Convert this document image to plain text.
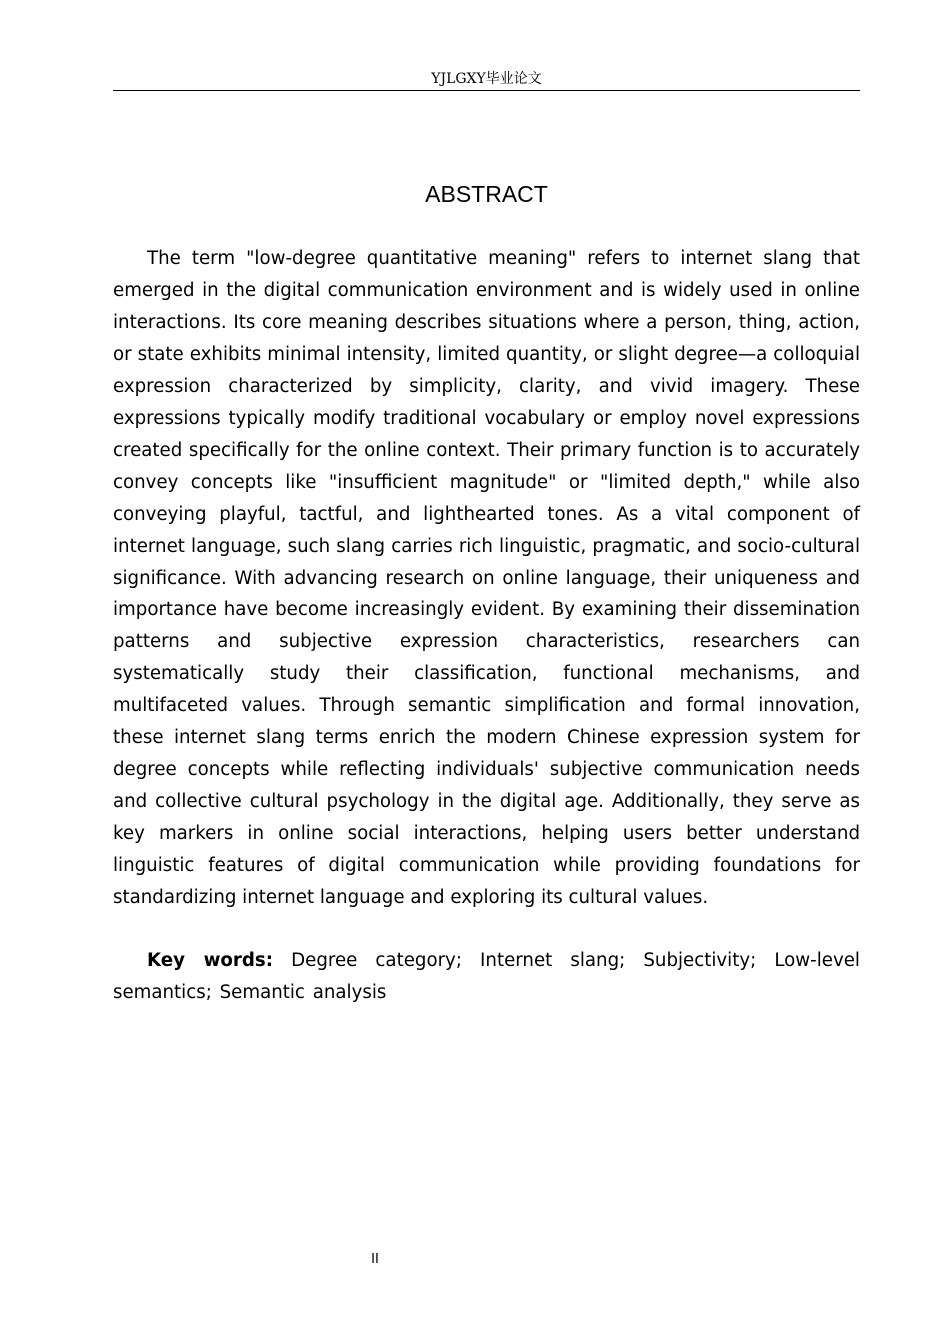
YJLGXY毕业论文
ABSTRACT

The term "low-degree quantitative meaning" refers to internet slang that emerged in the digital communication environment and is widely used in online interactions. Its core meaning describes situations where a person, thing, action, or state exhibits minimal intensity, limited quantity, or slight degree—a colloquial expression characterized by simplicity, clarity, and vivid imagery. These expressions typically modify traditional vocabulary or employ novel expressions created specifically for the online context. Their primary function is to accurately convey concepts like "insufficient magnitude" or "limited depth," while also conveying playful, tactful, and lighthearted tones. As a vital component of internet language, such slang carries rich linguistic, pragmatic, and socio-cultural significance. With advancing research on online language, their uniqueness and importance have become increasingly evident. By examining their dissemination patterns and subjective expression characteristics, researchers can systematically study their classification, functional mechanisms, and multifaceted values. Through semantic simplification and formal innovation, these internet slang terms enrich the modern Chinese expression system for degree concepts while reflecting individuals' subjective communication needs and collective cultural psychology in the digital age. Additionally, they serve as key markers in online social interactions, helping users better understand linguistic features of digital communication while providing foundations for standardizing internet language and exploring its cultural values.

Key words: Degree category; Internet slang; Subjectivity; Low-level semantics; Semantic analysis

II
